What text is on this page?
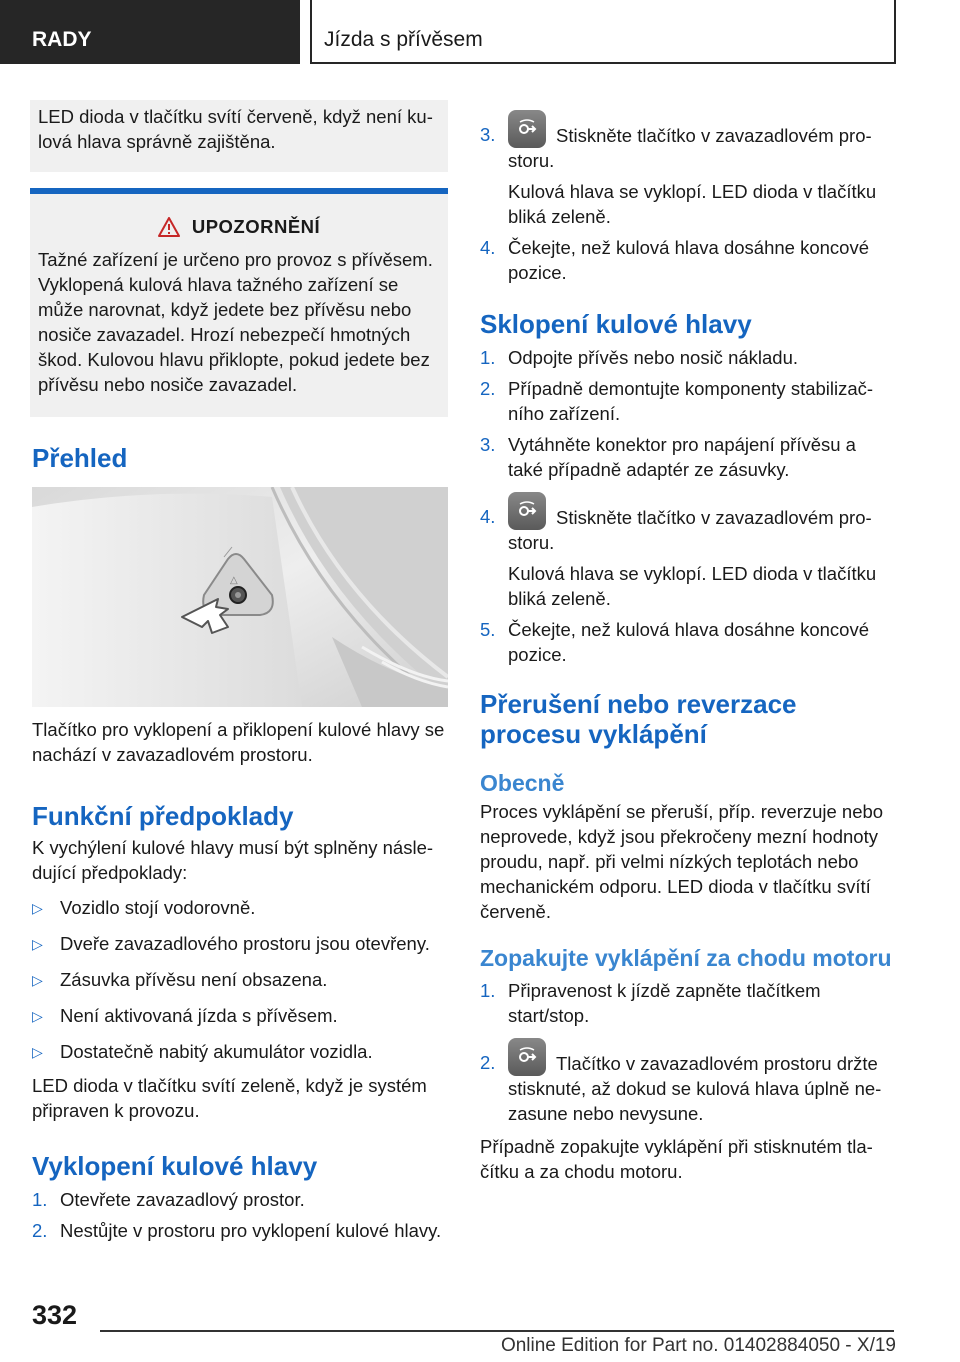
RADY	Jízda s přívěsem

LED dioda v tlačítku svítí červeně, když není kulová hlava správně zajištěna.

UPOZORNĚNÍ

Tažné zařízení je určeno pro provoz s přívěsem. Vyklopená kulová hlava tažného zařízení se může narovnat, když jedete bez přívěsu nebo nosiče zavazadel. Hrozí nebezpečí hmotných škod. Kulovou hlavu přiklopte, pokud jedete bez přívěsu nebo nosiče zavazadel.

Přehled
△

Tlačítko pro vyklopení a přiklopení kulové hlavy se nachází v zavazadlovém prostoru.

Funkční předpoklady

K vychýlení kulové hlavy musí být splněny následující předpoklady:

▷ Vozidlo stojí vodorovně.
▷ Dveře zavazadlového prostoru jsou otevřeny.
▷ Zásuvka přívěsu není obsazena.
▷ Není aktivovaná jízda s přívěsem.
▷ Dostatečně nabitý akumulátor vozidla.

LED dioda v tlačítku svítí zeleně, když je systém připraven k provozu.

Vyklopení kulové hlavy
1. Otevřete zavazadlový prostor.
2. Nestůjte v prostoru pro vyklopení kulové hlavy.
3.	Stiskněte tlačítko v zavazadlovém prostoru.

Kulová hlava se vyklopí. LED dioda v tlačítku bliká zeleně.

4. Čekejte, než kulová hlava dosáhne koncové pozice.
Sklopení kulové hlavy
1. Odpojte přívěs nebo nosič nákladu.
2. Případně demontujte komponenty stabilizačního zařízení.
3. Vytáhněte konektor pro napájení přívěsu a také případně adaptér ze zásuvky.
4.	Stiskněte tlačítko v zavazadlovém prostoru.

Kulová hlava se vyklopí. LED dioda v tlačítku bliká zeleně.

5. Čekejte, než kulová hlava dosáhne koncové pozice.
Přerušení nebo reverzace procesu vyklápění
Obecně

Proces vyklápění se přeruší, příp. reverzuje nebo neprovede, když jsou překročeny mezní hodnoty proudu, např. při velmi nízkých teplotách nebo mechanickém odporu. LED dioda v tlačítku svítí červeně.

Zopakujte vyklápění za chodu motoru
1. Připravenost k jízdě zapněte tlačítkem start/stop.
2.	Tlačítko v zavazadlovém prostoru držte stisknuté, až dokud se kulová hlava úplně nezasune nebo nevysune.

Případně zopakujte vyklápění při stisknutém tlačítku a za chodu motoru.

332
Online Edition for Part no. 01402884050 - X/19
